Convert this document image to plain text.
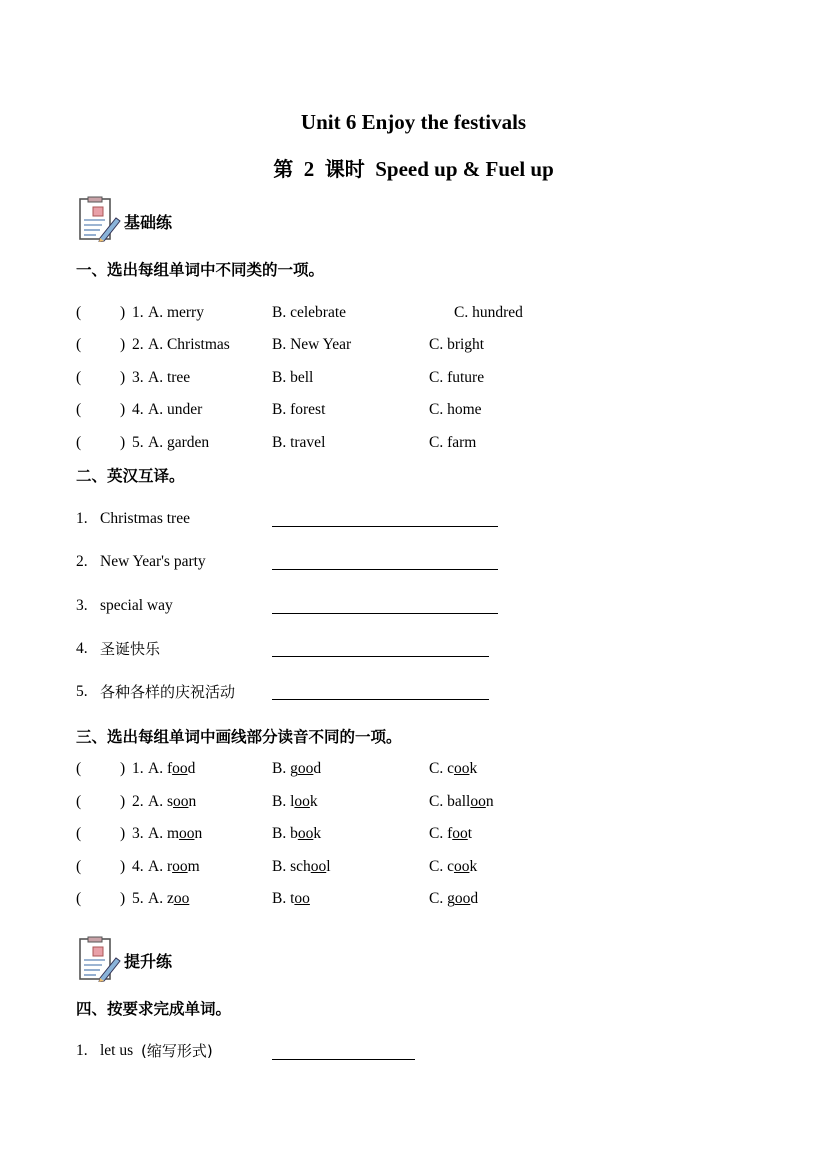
Unit 6 Enjoy the festivals
第 2 课时 Speed up & Fuel up
基础练
一、选出每组单词中不同类的一项。
(	) 1. A. merry	B. celebrate	C. hundred
(	) 2. A. Christmas	B. New Year	C. bright
(	) 3. A. tree	B. bell	C. future
(	) 4. A. under	B. forest	C. home
(	) 5. A. garden	B. travel	C. farm
二、英汉互译。
1. Christmas tree
2. New Year's party
3. special way
4. 圣诞快乐
5. 各种各样的庆祝活动
三、选出每组单词中画线部分读音不同的一项。
(	) 1. A. food	B. good	C. cook
(	) 2. A. soon	B. look	C. balloon
(	) 3. A. moon	B. book	C. foot
(	) 4. A. room	B. school	C. cook
(	) 5. A. zoo	B. too	C. good
提升练
四、按要求完成单词。
1. let us (缩写形式)
